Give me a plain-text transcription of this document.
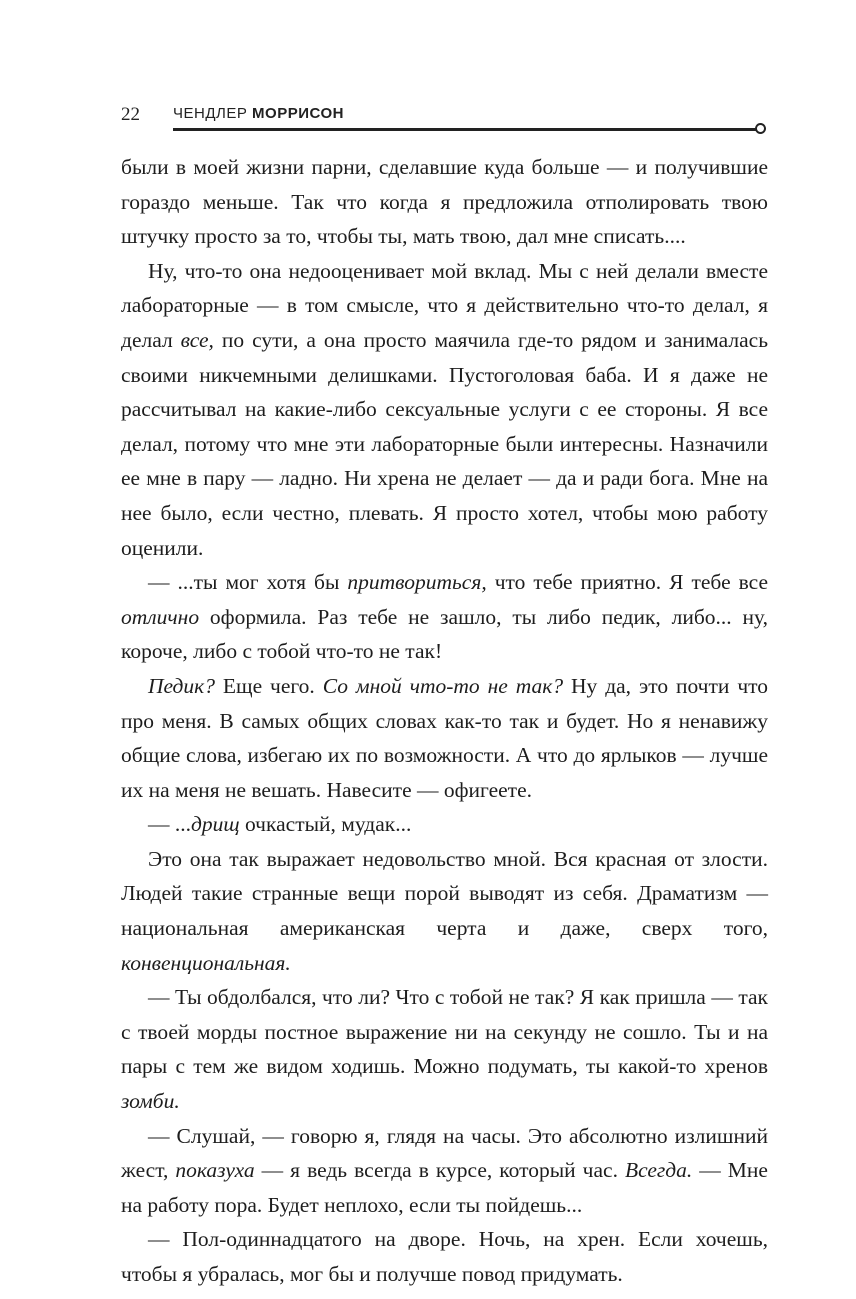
22 ЧЕНДЛЕР МОРРИСОН

были в моей жизни парни, сделавшие куда больше — и получившие гораздо меньше. Так что когда я предложила отполировать твою штучку просто за то, чтобы ты, мать твою, дал мне списать....

Ну, что-то она недооценивает мой вклад. Мы с ней делали вместе лабораторные — в том смысле, что я действительно что-то делал, я делал все, по сути, а она просто маячила где-то рядом и занималась своими никчемными делишками. Пустоголовая баба. И я даже не рассчитывал на какие-либо сексуальные услуги с ее стороны. Я все делал, потому что мне эти лабораторные были интересны. Назначили ее мне в пару — ладно. Ни хрена не делает — да и ради бога. Мне на нее было, если честно, плевать. Я просто хотел, чтобы мою работу оценили.

— ...ты мог хотя бы притвориться, что тебе приятно. Я тебе все отлично оформила. Раз тебе не зашло, ты либо педик, либо... ну, короче, либо с тобой что-то не так!

Педик? Еще чего. Со мной что-то не так? Ну да, это почти что про меня. В самых общих словах как-то так и будет. Но я ненавижу общие слова, избегаю их по возможности. А что до ярлыков — лучше их на меня не вешать. Навесите — офигеете.

— ...дрищ очкастый, мудак...

Это она так выражает недовольство мной. Вся красная от злости. Людей такие странные вещи порой выводят из себя. Драматизм — национальная американская черта и даже, сверх того, конвенциональная.

— Ты обдолбался, что ли? Что с тобой не так? Я как пришла — так с твоей морды постное выражение ни на секунду не сошло. Ты и на пары с тем же видом ходишь. Можно подумать, ты какой-то хренов зомби.

— Слушай, — говорю я, глядя на часы. Это абсолютно излишний жест, показуха — я ведь всегда в курсе, который час. Всегда. — Мне на работу пора. Будет неплохо, если ты пойдешь...

— Пол-одиннадцатого на дворе. Ночь, на хрен. Если хочешь, чтобы я убралась, мог бы и получше повод придумать.
